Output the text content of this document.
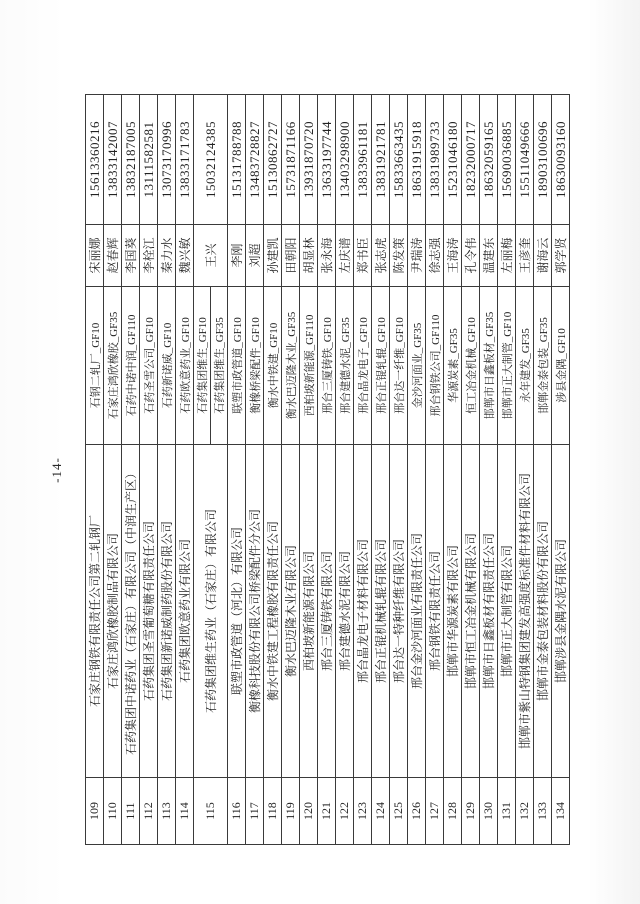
-14-
109	石家庄钢铁有限责任公司第二轧钢厂	石钢二轧厂_GF10	宋丽娜	15613360216
110	石家庄鸿欣橡胶制品有限公司	石家庄鸿欣橡胶_GF35	赵春辉	13833142007
111	石药集团中诺药业（石家庄）有限公司（中润生产区）	石药中诺中润_GF110	李国葵	13832187005
112	石药集团圣雪葡萄糖有限责任公司	石药圣雪公司_GF10	李栓江	13111582581
113	石药集团新诺威制药股份有限公司	石药新诺威_GF10	秦力水	13073170996
114	石药集团欧意药业有限公司	石药欧意药业_GF10	魏兴敏	13833171783
115	石药集团维生药业（石家庄）有限公司	石药集团维生_GF10	王兴	15032124385
		石药集团维生_GF35		
116	联塑市政管道（河北）有限公司	联塑市政管道_GF10	李刚	15131788788
117	衡橡科技股份有限公司桥梁配件分公司	衡橡桥梁配件_GF10	刘超	13483728827
118	衡水中铁建工程橡胶有限责任公司	衡水中铁建_GF10	孙建凯	15130862727
119	衡水巴迈隆木业有限公司	衡水巴迈隆木业_GF35	田朝阳	15731871166
120	西柏坡新能源有限公司	西柏坡新能源_GF110	胡显林	13931870720
121	邢台三厦铸铁有限公司	邢台三厦铸铁_GF10	张永海	13633197744
122	邢台建德水泥有限公司	邢台建德水泥_GF35	左庆谱	13403298900
123	邢台晶龙电子材料有限公司	邢台晶龙电子_GF10	郑书臣	13833961181
124	邢台正锟机械轧辊有限公司	邢台正锟轧辊_GF10	张志虎	13831921781
125	邢台达一特种纤维有限公司	邢台达一纤维_GF10	陈发策	15833663435
126	邢台金沙河面业有限责任公司	金沙河面业_GF35	尹瑞涛	18631915918
127	邢台钢铁有限责任公司	邢台钢铁公司_GF110	徐志强	13831989733
128	邯郸市华源炭素有限公司	华源炭素_GF35	王海涛	15231046180
129	邯郸市恒工冶金机械有限公司	恒工冶金机械_GF10	孔令伟	18232000717
130	邯郸市日鑫板材有限责任公司	邯郸市日鑫板材_GF35	温建东	18632059165
131	邯郸市正大制管有限公司	邯郸市正大制管_GF10	左丽梅	15690036885
132	邯郸市紫山特钢集团建发高强度标准件材料有限公司	永年建发_GF35	王彦奎	15511049666
133	邯郸市金泰包装材料股份有限公司	邯郸金泰包装_GF35	谢海云	18903100696
134	邯郸涉县金隅水泥有限公司	涉县金隅_GF10	郭学贤	18630093160
